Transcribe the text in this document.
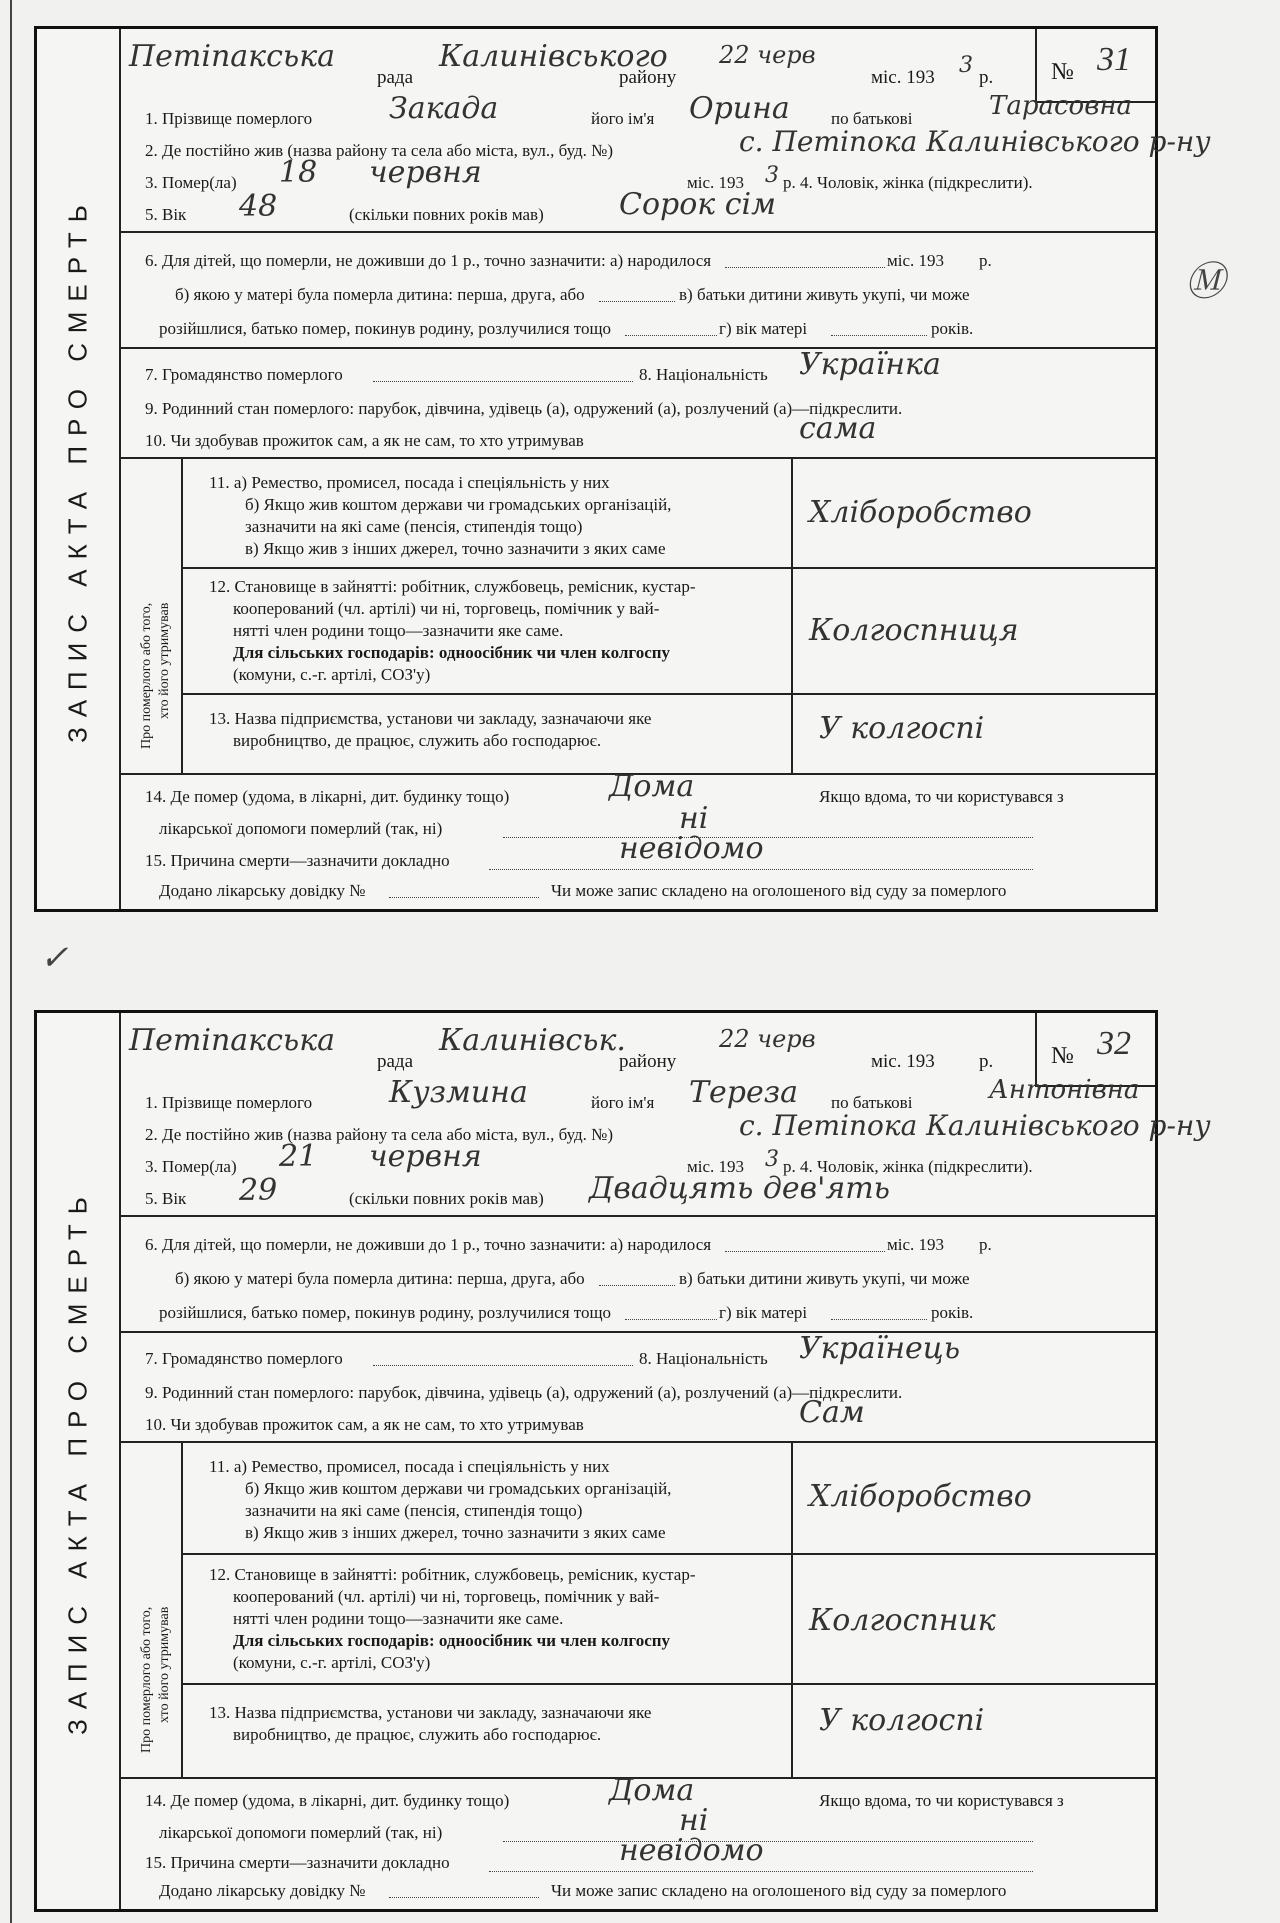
✓
Ⓜ
ЗАПИС АКТА ПРО СМЕРТЬ
Петіпакська
рада
Калинівського
району
22 черв
міс. 193 3 р. № 31
1. Прізвище померлого	Закада	його ім'я Орина по батькові	Тарасовна
2. Де постійно жив (назва району та села або міста, вул., буд. №)	с. Петіпока Калинівського р-ну
3. Помер(ла) 18 червня	міс. 193 3 р. 4. Чоловік, жінка (підкреслити).
5. Вік 48	(скільки повних років мав)	Сорок сім
6. Для дітей, що померли, не доживши до 1 р., точно зазначити: а) народилося	міс. 193 р.
б) якою у матері була померла дитина: перша, друга, або	в) батьки дитини живуть укупі, чи може
розійшлися, батько помер, покинув родину, розлучилися тощо	г) вік матері	років.
7. Громадянство померлого	8. Національність Українка
9. Родинний стан померлого: парубок, дівчина, удівець (а), одружений (а), розлучений (а)—підкреслити.
10. Чи здобував прожиток сам, а як не сам, то хто утримував	сама
Про померлого або того, хто його утримував
11. а) Ремество, промисел, посада і спеціяльність у них
б) Якщо жив коштом держави чи громадських організацій,
зазначити на які саме (пенсія, стипендія тощо)
в) Якщо жив з інших джерел, точно зазначити з яких саме
Хліборобство
12. Становище в зайнятті: робітник, службовець, ремісник, кустар-
кооперований (чл. артілі) чи ні, торговець, помічник у вай-
нятті член родини тощо—зазначити яке саме.
Для сільських господарів: одноосібник чи член колгоспу
(комуни, с.-г. артілі, СОЗ'у)
Колгоспниця
13. Назва підприємства, установи чи закладу, зазначаючи яке
виробництво, де працює, служить або господарює.	У колгоспі
14. Де помер (удома, в лікарні, дит. будинку тощо)	Дома	Якщо вдома, то чи користувався з
лікарської допомоги померлий (так, ні)	ні
15. Причина смерти—зазначити докладно	невідомо
Додано лікарську довідку №	Чи може запис складено на оголошеного від суду за померлого
ЗАПИС АКТА ПРО СМЕРТЬ
Петіпакська
рада
Калинівськ.
району
22 черв
міс. 193 р. № 32
1. Прізвище померлого	Кузмина	його ім'я Тереза по батькові	Антонівна
2. Де постійно жив (назва району та села або міста, вул., буд. №)	с. Петіпока Калинівського р-ну
3. Помер(ла) 21 червня	міс. 193 3 р. 4. Чоловік, жінка (підкреслити).
5. Вік 29	(скільки повних років мав) Двадцять дев'ять
6. Для дітей, що померли, не доживши до 1 р., точно зазначити: а) народилося	міс. 193 р.
б) якою у матері була померла дитина: перша, друга, або	в) батьки дитини живуть укупі, чи може
розійшлися, батько помер, покинув родину, розлучилися тощо	г) вік матері	років.
7. Громадянство померлого	8. Національність Українець
9. Родинний стан померлого: парубок, дівчина, удівець (а), одружений (а), розлучений (а)—підкреслити.
10. Чи здобував прожиток сам, а як не сам, то хто утримував	Сам
Про померлого або того, хто його утримував
11. а) Ремество, промисел, посада і спеціяльність у них
б) Якщо жив коштом держави чи громадських організацій,
зазначити на які саме (пенсія, стипендія тощо)
в) Якщо жив з інших джерел, точно зазначити з яких саме
Хліборобство
12. Становище в зайнятті: робітник, службовець, ремісник, кустар-
кооперований (чл. артілі) чи ні, торговець, помічник у вай-
нятті член родини тощо—зазначити яке саме.
Для сільських господарів: одноосібник чи член колгоспу
(комуни, с.-г. артілі, СОЗ'у)
Колгоспник
13. Назва підприємства, установи чи закладу, зазначаючи яке
виробництво, де працює, служить або господарює.	У колгоспі
14. Де помер (удома, в лікарні, дит. будинку тощо)	Дома	Якщо вдома, то чи користувався з
лікарської допомоги померлий (так, ні)	ні
15. Причина смерти—зазначити докладно	невідомо
Додано лікарську довідку №	Чи може запис складено на оголошеного від суду за померлого
